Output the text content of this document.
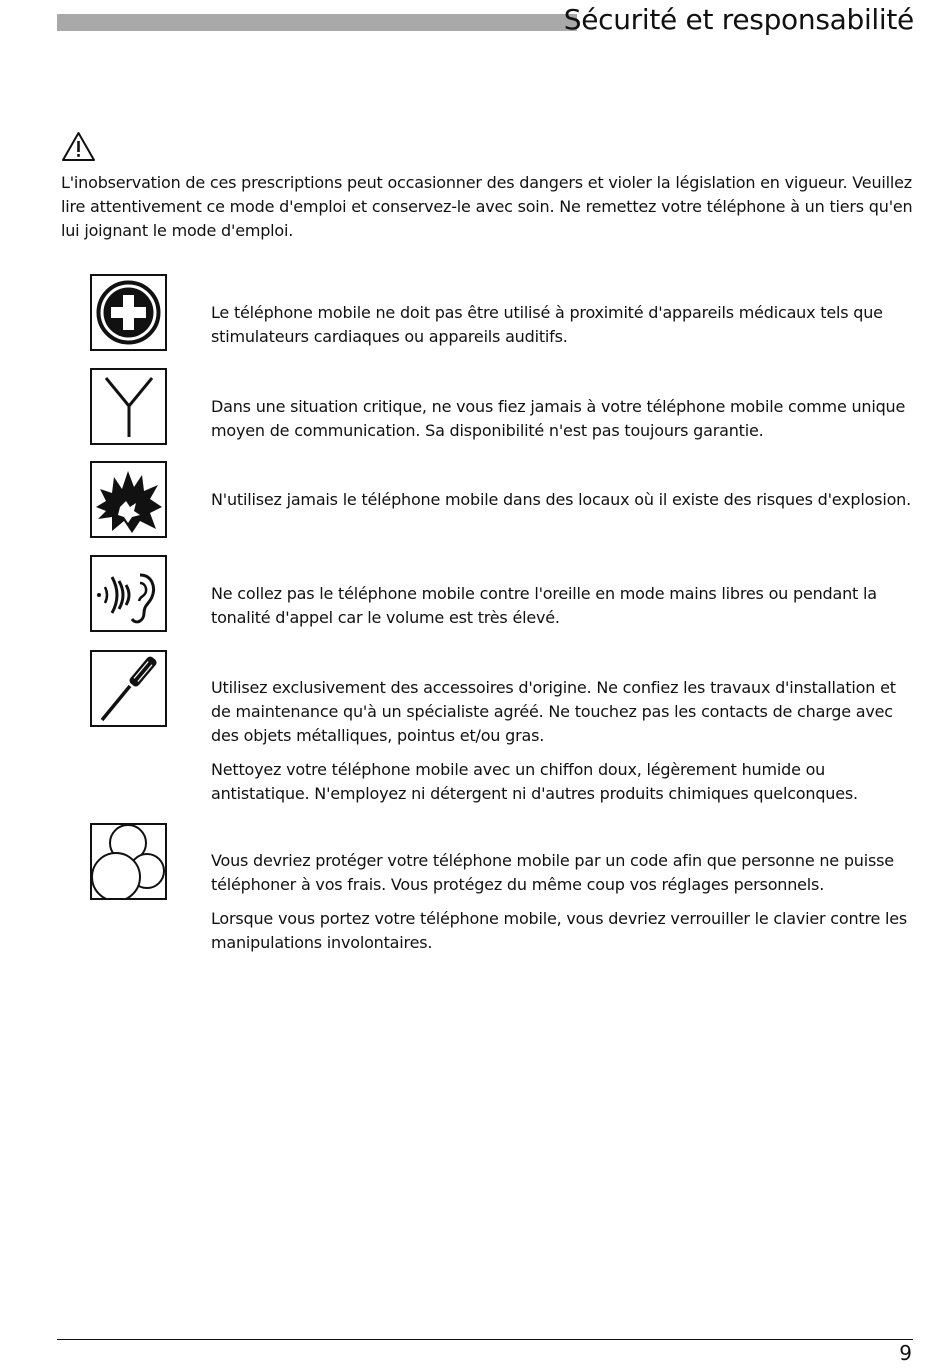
Sécurité et responsabilité
L'inobservation de ces prescriptions peut occasionner des dangers et violer la législation en vigueur. Veuillez lire attentivement ce mode d'emploi et conservez-le avec soin. Ne remettez votre téléphone à un tiers qu'en lui joignant le mode d'emploi.

Le téléphone mobile ne doit pas être utilisé à proximité d'appareils médicaux tels que stimulateurs cardiaques ou appareils auditifs.

Dans une situation critique, ne vous fiez jamais à votre téléphone mobile comme unique moyen de communication. Sa disponibilité n'est pas toujours garantie.

N'utilisez jamais le téléphone mobile dans des locaux où il existe des risques d'explosion.

Ne collez pas le téléphone mobile contre l'oreille en mode mains libres ou pendant la tonalité d'appel car le volume est très élevé.

Utilisez exclusivement des accessoires d'origine. Ne confiez les travaux d'installation et de maintenance qu'à un spécialiste agréé. Ne touchez pas les contacts de charge avec des objets métalliques, pointus et/ou gras.

Nettoyez votre téléphone mobile avec un chiffon doux, légèrement humide ou antistatique. N'employez ni détergent ni d'autres produits chimiques quelconques.

Vous devriez protéger votre téléphone mobile par un code afin que personne ne puisse téléphoner à vos frais. Vous protégez du même coup vos réglages personnels.

Lorsque vous portez votre téléphone mobile, vous devriez verrouiller le clavier contre les manipulations involontaires.

9
